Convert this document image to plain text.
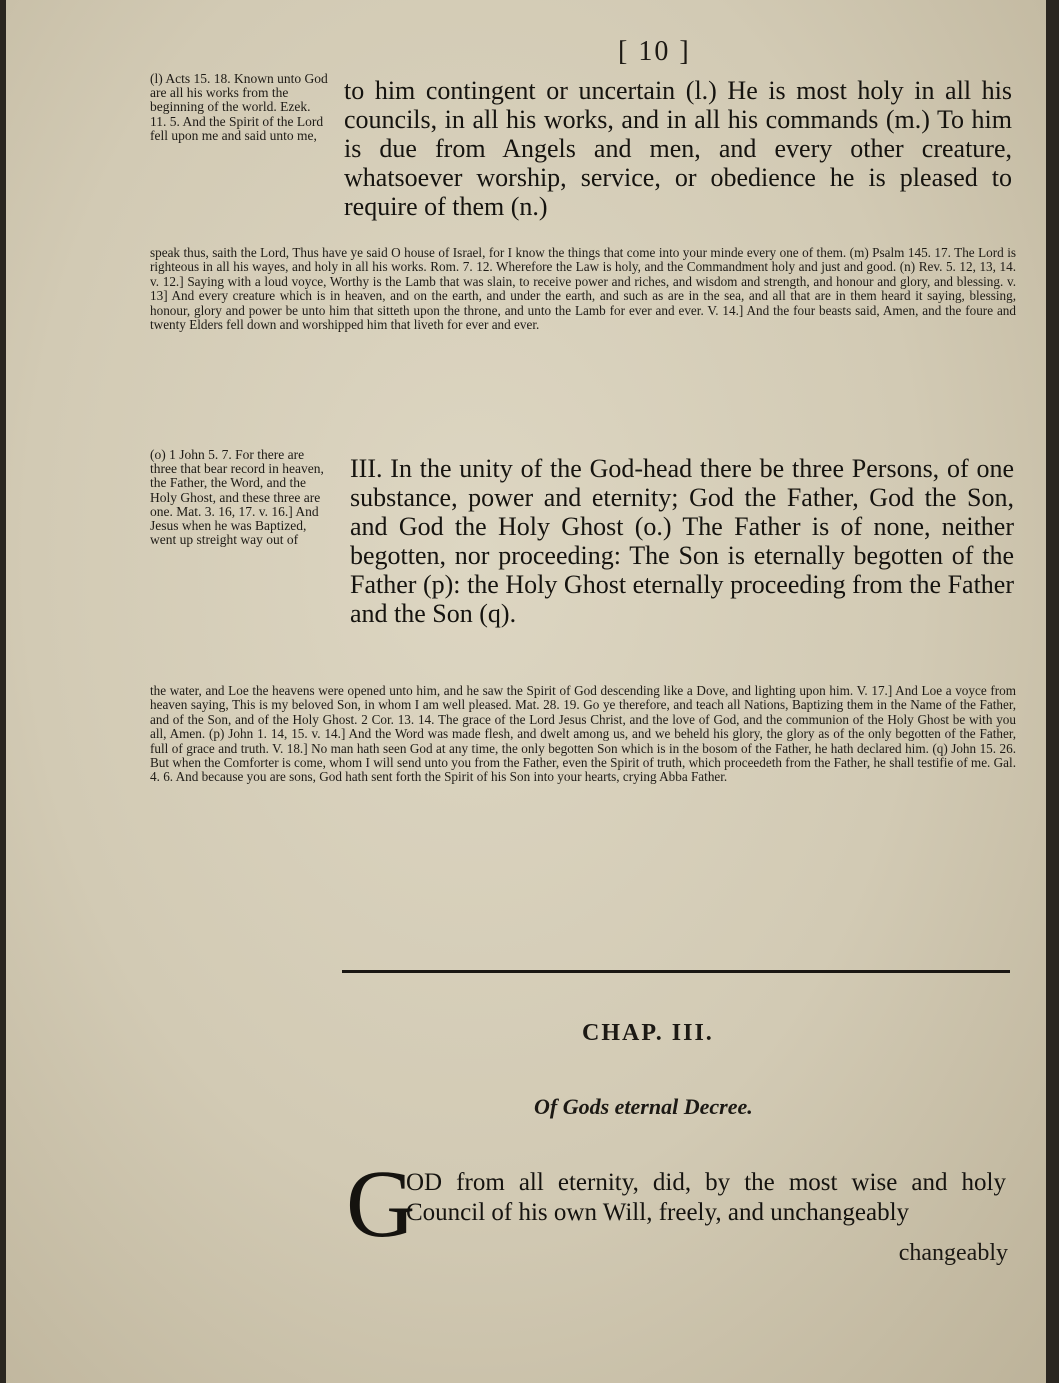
[ 10 ]
(l) Acts 15. 18. Known unto God are all his works from the beginning of the world. Ezek. 11. 5. And the Spirit of the Lord fell upon me and said unto me,
to him contingent or uncertain (l.) He is most holy in all his councils, in all his works, and in all his commands (m.) To him is due from Angels and men, and every other creature, whatsoever worship, service, or obedience he is pleased to require of them (n.)
speak thus, saith the Lord, Thus have ye said O house of Israel, for I know the things that come into your minde every one of them. (m) Psalm 145. 17. The Lord is righteous in all his wayes, and holy in all his works. Rom. 7. 12. Wherefore the Law is holy, and the Commandment holy and just and good. (n) Rev. 5. 12, 13, 14. v. 12.] Saying with a loud voyce, Worthy is the Lamb that was slain, to receive power and riches, and wisdom and strength, and honour and glory, and blessing. v. 13] And every creature which is in heaven, and on the earth, and under the earth, and such as are in the sea, and all that are in them heard it saying, blessing, honour, glory and power be unto him that sitteth upon the throne, and unto the Lamb for ever and ever. V. 14.] And the four beasts said, Amen, and the foure and twenty Elders fell down and worshipped him that liveth for ever and ever.
(o) 1 John 5. 7. For there are three that bear record in heaven, the Father, the Word, and the Holy Ghost, and these three are one. Mat. 3. 16, 17. v. 16.] And Jesus when he was Baptized, went up streight way out of
III. In the unity of the God-head there be three Persons, of one substance, power and eternity; God the Father, God the Son, and God the Holy Ghost (o.) The Father is of none, neither begotten, nor proceeding: The Son is eternally begotten of the Father (p): the Holy Ghost eternally proceeding from the Father and the Son (q).
the water, and Loe the heavens were opened unto him, and he saw the Spirit of God descending like a Dove, and lighting upon him. V. 17.] And Loe a voyce from heaven saying, This is my beloved Son, in whom I am well pleased. Mat. 28. 19. Go ye therefore, and teach all Nations, Baptizing them in the Name of the Father, and of the Son, and of the Holy Ghost. 2 Cor. 13. 14. The grace of the Lord Jesus Christ, and the love of God, and the communion of the Holy Ghost be with you all, Amen. (p) John 1. 14, 15. v. 14.] And the Word was made flesh, and dwelt among us, and we beheld his glory, the glory as of the only begotten of the Father, full of grace and truth. V. 18.] No man hath seen God at any time, the only begotten Son which is in the bosom of the Father, he hath declared him. (q) John 15. 26. But when the Comforter is come, whom I will send unto you from the Father, even the Spirit of truth, which proceedeth from the Father, he shall testifie of me. Gal. 4. 6. And because you are sons, God hath sent forth the Spirit of his Son into your hearts, crying Abba Father.
CHAP. III.
Of Gods eternal Decree.
G
OD from all eternity, did, by the most wise and holy Council of his own Will, freely, and unchangeably
changeably
